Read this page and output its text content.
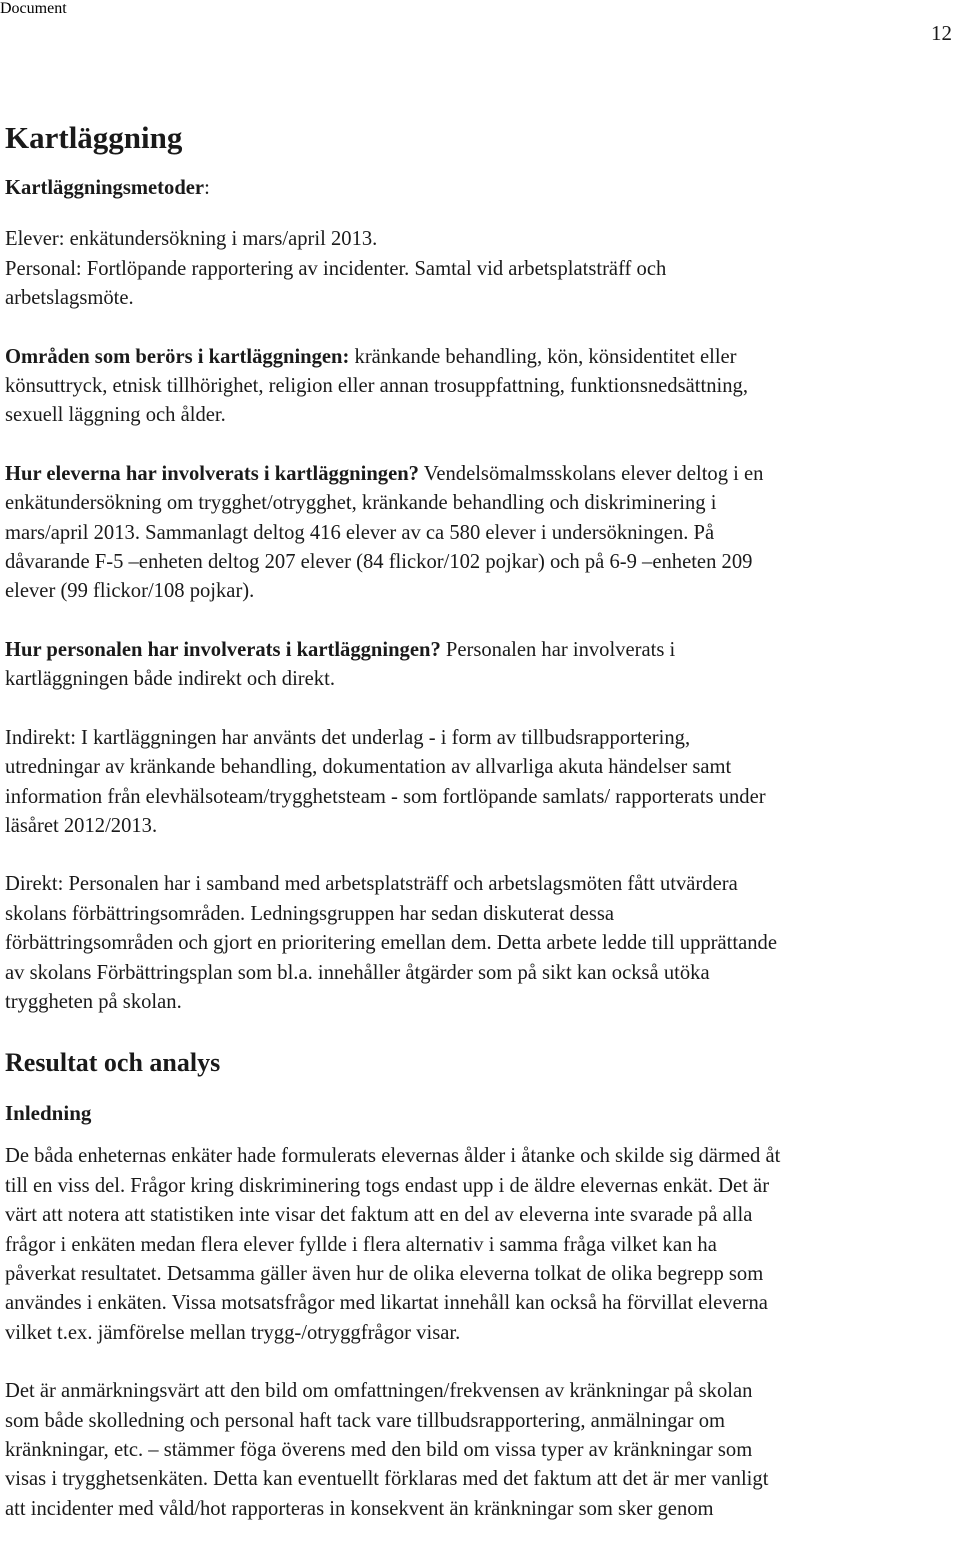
Document

12

Kartläggning

Kartläggningsmetoder:

Elever: enkätundersökning i mars/april 2013.
Personal: Fortlöpande rapportering av incidenter. Samtal vid arbetsplatsträff och
arbetslagsmöte.

Områden som berörs i kartläggningen: kränkande behandling, kön, könsidentitet eller
könsuttryck, etnisk tillhörighet, religion eller annan trosuppfattning, funktionsnedsättning,
sexuell läggning och ålder.

Hur eleverna har involverats i kartläggningen? Vendelsömalmsskolans elever deltog i en
enkätundersökning om trygghet/otrygghet, kränkande behandling och diskriminering i
mars/april 2013. Sammanlagt deltog 416 elever av ca 580 elever i undersökningen. På
dåvarande F-5 –enheten deltog 207 elever (84 flickor/102 pojkar) och på 6-9 –enheten 209
elever (99 flickor/108 pojkar).

Hur personalen har involverats i kartläggningen? Personalen har involverats i
kartläggningen både indirekt och direkt.

Indirekt: I kartläggningen har använts det underlag - i form av tillbudsrapportering,
utredningar av kränkande behandling, dokumentation av allvarliga akuta händelser samt
information från elevhälsoteam/trygghetsteam - som fortlöpande samlats/ rapporterats under
läsåret 2012/2013.

Direkt: Personalen har i samband med arbetsplatsträff och arbetslagsmöten fått utvärdera
skolans förbättringsområden. Ledningsgruppen har sedan diskuterat dessa
förbättringsområden och gjort en prioritering emellan dem. Detta arbete ledde till upprättande
av skolans Förbättringsplan som bl.a. innehåller åtgärder som på sikt kan också utöka
tryggheten på skolan.

Resultat och analys
Inledning

De båda enheternas enkäter hade formulerats elevernas ålder i åtanke och skilde sig därmed åt
till en viss del. Frågor kring diskriminering togs endast upp i de äldre elevernas enkät. Det är
värt att notera att statistiken inte visar det faktum att en del av eleverna inte svarade på alla
frågor i enkäten medan flera elever fyllde i flera alternativ i samma fråga vilket kan ha
påverkat resultatet. Detsamma gäller även hur de olika eleverna tolkat de olika begrepp som
användes i enkäten. Vissa motsatsfrågor med likartat innehåll kan också ha förvillat eleverna
vilket t.ex. jämförelse mellan trygg-/otryggfrågor visar.

Det är anmärkningsvärt att den bild om omfattningen/frekvensen av kränkningar på skolan
som både skolledning och personal haft tack vare tillbudsrapportering, anmälningar om
kränkningar, etc. – stämmer föga överens med den bild om vissa typer av kränkningar som
visas i trygghetsenkäten. Detta kan eventuellt förklaras med det faktum att det är mer vanligt
att incidenter med våld/hot rapporteras in konsekvent än kränkningar som sker genom
